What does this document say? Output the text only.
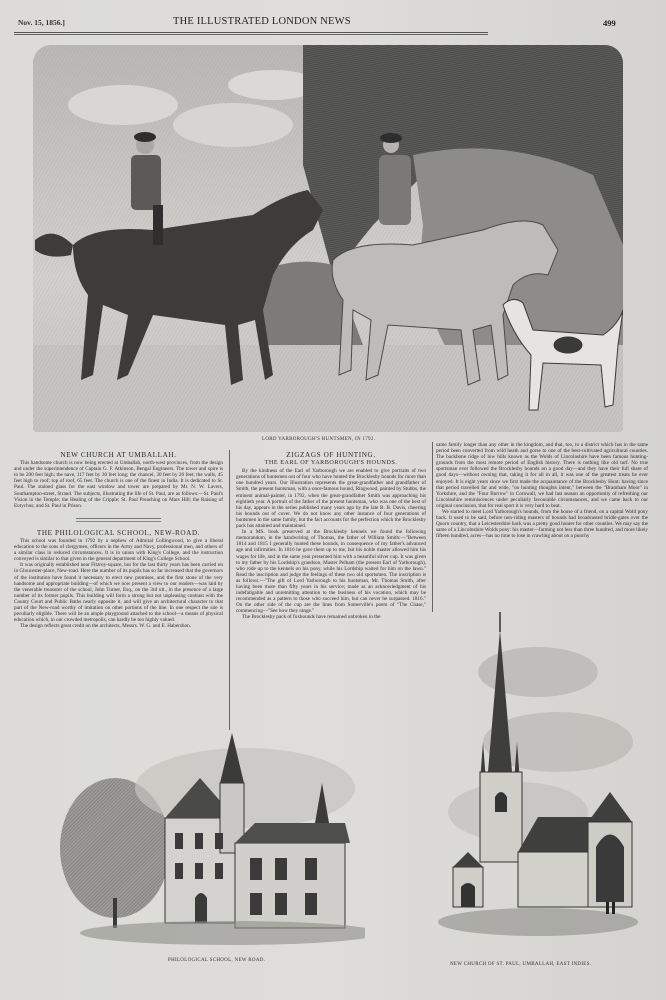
Nov. 15, 1856.]	THE ILLUSTRATED LONDON NEWS	499
LORD YARBOROUGH'S HUNTSMEN, IN 1792.
NEW CHURCH AT UMBALLAH.

This handsome church is now being erected at Umballah, north-west provinces, from the design and under the superintendence of Captain G. F. Atkinson, Bengal Engineers. The tower and spire is to be 200 feet high; the nave, 117 feet by 30 feet long; the chancel, 30 feet by 26 feet; the walls, 45 feet high to roof; top of roof, 65 feet. The church is one of the finest in India. It is dedicated to St. Paul. The stained glass for the east window and tower are prepared by Mr. N. W. Lavers, Southampton-street, Strand. The subjects, illustrating the life of St. Paul, are as follows:—St. Paul's Vision in the Temple; the Healing of the Cripple; St. Paul Preaching on Mars Hill; the Raising of Eutychus; and St. Paul in Prison.

THE PHILOLOGICAL SCHOOL, NEW-ROAD.

This school was founded in 1792 by a nephew of Admiral Collingwood, to give a liberal education to the sons of clergymen, officers in the Army and Navy, professional men, and others of a similar class in reduced circumstances. It is in union with King's College, and the instruction conveyed is similar to that given in the general department of King's College School.

It was originally established near Fitzroy-square, but for the last thirty years has been carried on in Gloucester-place, New-road. Here the number of its pupils has so far increased that the governors of the institution have found it necessary to erect new premises, and the first stone of the very handsome and appropriate building—of which we now present a view to our readers—was laid by the venerable treasurer of the school, John Turner, Esq., on the 3rd ult., in the presence of a large number of its former pupils. This building will form a strong but not unpleasing contrast with the County Court and Public Baths nearly opposite it, and will give an architectural character to that part of the New-road worthy of imitation on other portions of the line. In one respect the site is peculiarly eligible. There will be an ample playground attached to the school—a means of physical education which, in our crowded metropolis, can hardly be too highly valued.

The design reflects great credit on the architects, Messrs. W. G. and E. Habershon.

ZIGZAGS OF HUNTING.
THE EARL OF YARBOROUGH'S HOUNDS.

By the kindness of the Earl of Yarborough we are enabled to give portraits of two generations of huntsmen out of four who have hunted the Brocklesby hounds for more than one hundred years. Our Illustration represents the great-grandfather and grandfather of Smith, the present huntsman, with a once-famous hound, Ringwood, painted by Stubbs, the eminent animal-painter, in 1792, when the great-grandfather Smith was approaching his eightieth year. A portrait of the father of the present huntsman, who was one of the best of his day, appears in the series published many years ago by the late R. B. Davis, cheering his hounds out of cover. We do not know any other instance of four generations of huntsmen in the same family, but the fact accounts for the perfection which the Brocklesby pack has attained and maintained.

In a MS. book preserved at the Brocklesby kennels we found the following memorandum, in the handwriting of Thomas, the father of William Smith:—"Between 1814 and 1815 I generally hunted these hounds, in consequence of my father's advanced age and infirmities. In 1816 he gave them up to me, but his noble master allowed him his wages for life, and in the same year presented him with a beautiful silver cup. It was given to my father by his Lordship's grandson, Master Pelham (the present Earl of Yarborough), who rode up to the kennels on his pony, while his Lordship waited for him on the lawn." Read the inscription and judge the feelings of these two old sportsmen. The inscription is as follows:—"The gift of Lord Yarborough to his huntsman, Mr. Thomas Smith, after having been more than fifty years in his service; made as an acknowledgment of his indefatigable and unremitting attention to the business of his vocation, which may be recommended as a pattern to those who succeed him, but can never be surpassed. 1816." On the other side of the cup are the lines from Somerville's poem of "The Chase," commencing—"See how they range."

The Brocklesby pack of foxhounds have remained unbroken in the

same family longer than any other in the kingdom, and that, too, in a district which has in the same period been converted from wild heath and gorse to one of the best-cultivated agricultural counties. The backbone ridge of low hills known as the Wolds of Lincolnshire have been famous hunting-grounds from the most remote period of English history. There is nothing like old turf. No true sportsman ever followed the Brocklesby hounds on a good day—and they have their full share of good days—without owning that, taking it for all in all, it was one of the greatest treats he ever enjoyed. It is eight years since we first made the acquaintance of the Brocklesby Hunt: having since that period travelled far and wide, "on hunting thoughts intent," between the "Bramham Moor" in Yorkshire, and the "Four Burrow" in Cornwall, we had last season an opportunity of refreshing our Lincolnshire reminiscences under peculiarly favourable circumstances, and we came back to our original conclusion, that for real sport it is very hard to beat.

We started to meet Lord Yarborough's hounds, from the house of a friend, on a capital Wold pony back. It used to be said, before non-riding masters of hounds had broadcasted bridle-gates over the Quorn country, that a Leicestershire hack was a pretty good hunter for other counties. We may say the same of a Lincolnshire Wolds pony: his master—farming not less than three hundred, and more likely fifteen hundred, acres—has no time to lose in crawling about on a punchy

PHILOLOGICAL SCHOOL, NEW ROAD.
NEW CHURCH OF ST. PAUL, UMBALLAH, EAST INDIES.
